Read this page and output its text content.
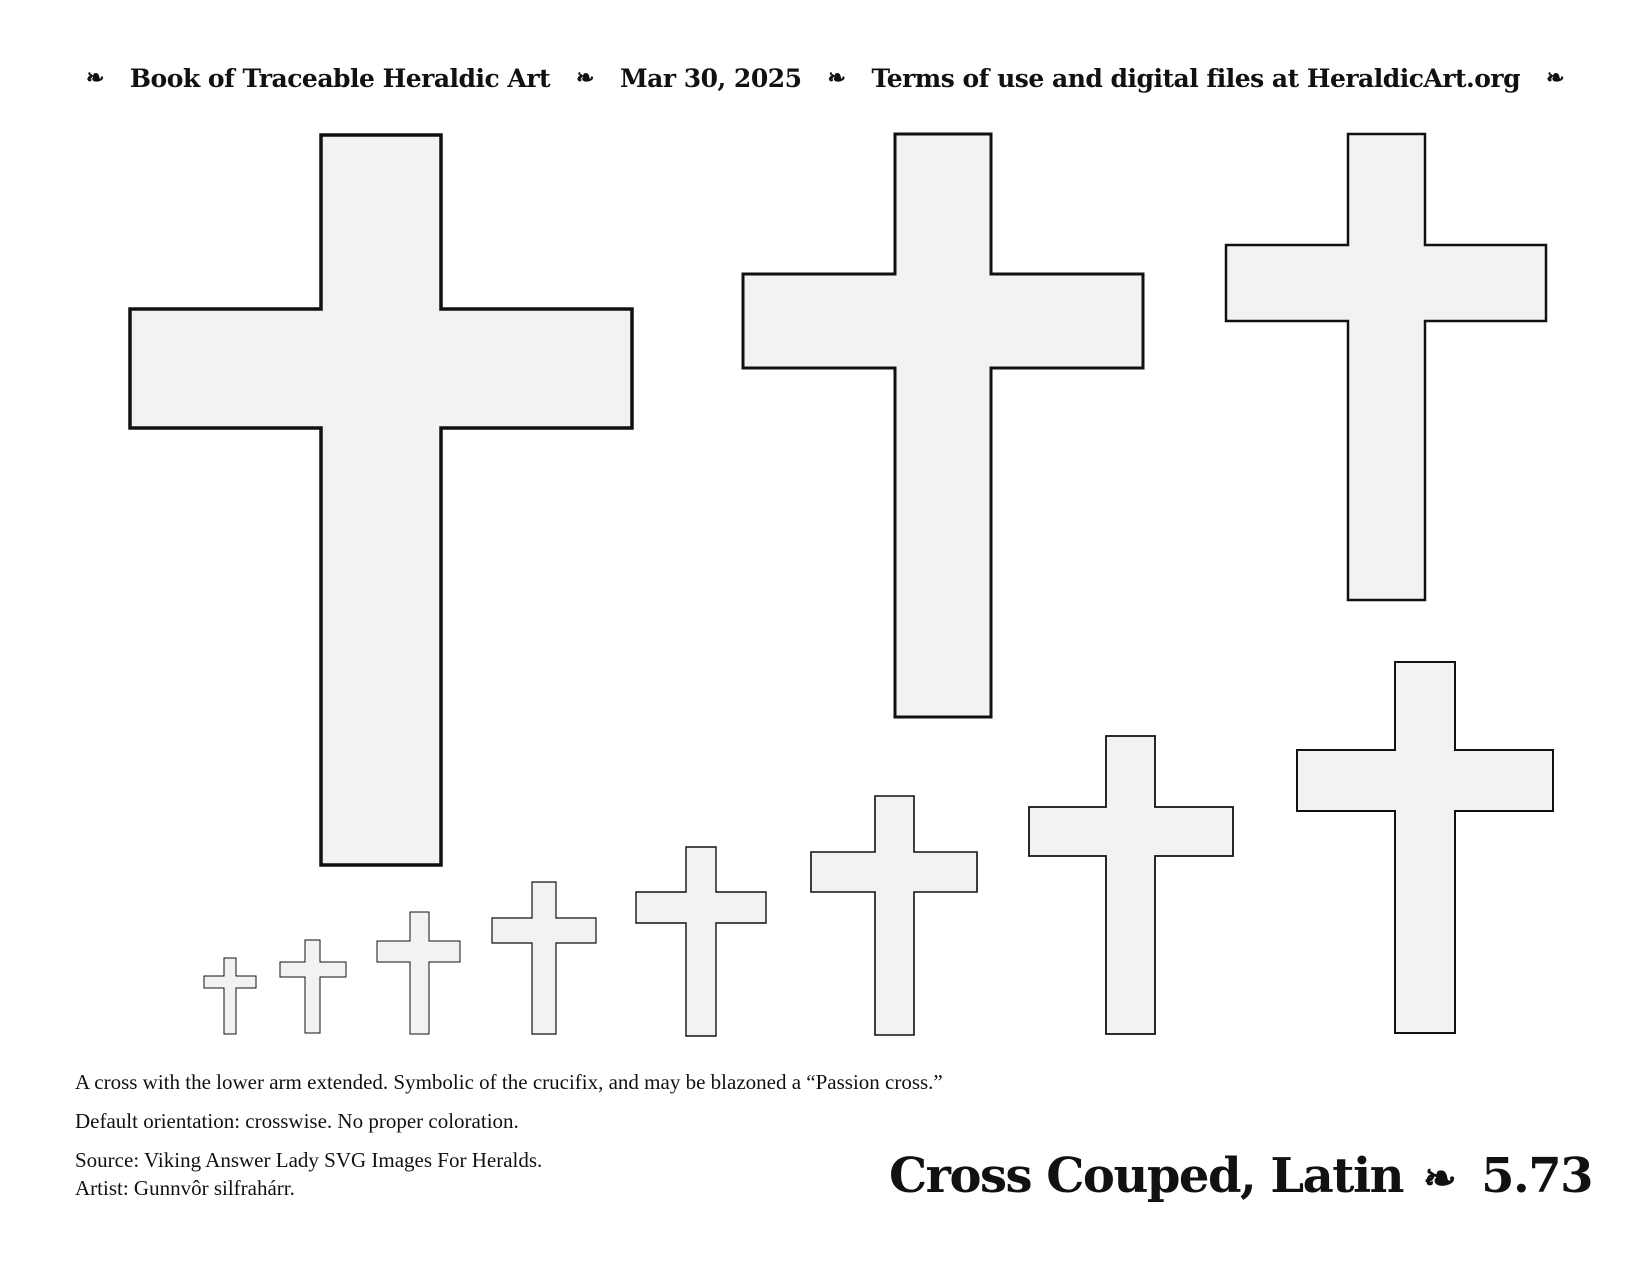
❧ Book of Traceable Heraldic Art ❧ Mar 30, 2025 ❧ Terms of use and digital files at HeraldicArt.org ❧
A cross with the lower arm extended. Symbolic of the crucifix, and may be blazoned a “Passion cross.”
Default orientation: crosswise. No proper coloration.
Source: Viking Answer Lady SVG Images For Heralds.
Artist: Gunnvôr silfrahárr.	Cross Couped, Latin ❧ 5.73
